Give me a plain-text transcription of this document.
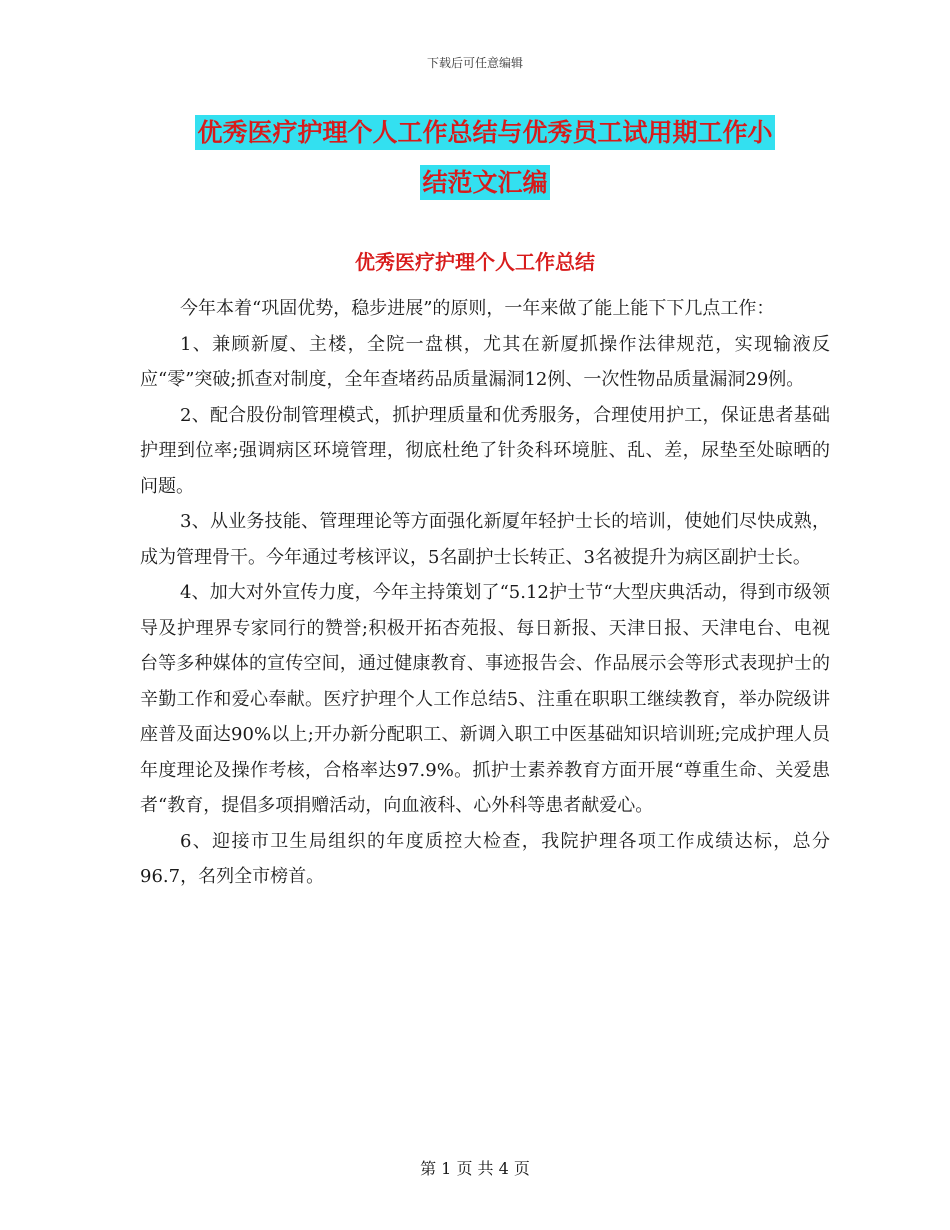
下载后可任意编辑
优秀医疗护理个人工作总结与优秀员工试用期工作小
结范文汇编
优秀医疗护理个人工作总结

今年本着“巩固优势，稳步进展”的原则，一年来做了能上能下下几点工作：

1、兼顾新厦、主楼，全院一盘棋，尤其在新厦抓操作法律规范，实现输液反应“零”突破;抓查对制度，全年查堵药品质量漏洞12例、一次性物品质量漏洞29例。

2、配合股份制管理模式，抓护理质量和优秀服务，合理使用护工，保证患者基础护理到位率;强调病区环境管理，彻底杜绝了针灸科环境脏、乱、差，尿垫至处晾晒的问题。

3、从业务技能、管理理论等方面强化新厦年轻护士长的培训，使她们尽快成熟，成为管理骨干。今年通过考核评议，5名副护士长转正、3名被提升为病区副护士长。

4、加大对外宣传力度，今年主持策划了“5.12护士节“大型庆典活动，得到市级领导及护理界专家同行的赞誉;积极开拓杏苑报、每日新报、天津日报、天津电台、电视台等多种媒体的宣传空间，通过健康教育、事迹报告会、作品展示会等形式表现护士的辛勤工作和爱心奉献。医疗护理个人工作总结5、注重在职职工继续教育，举办院级讲座普及面达90%以上;开办新分配职工、新调入职工中医基础知识培训班;完成护理人员年度理论及操作考核，合格率达97.9%。抓护士素养教育方面开展“尊重生命、关爱患者“教育，提倡多项捐赠活动，向血液科、心外科等患者献爱心。

6、迎接市卫生局组织的年度质控大检查，我院护理各项工作成绩达标，总分96.7，名列全市榜首。

第 1 页 共 4 页
